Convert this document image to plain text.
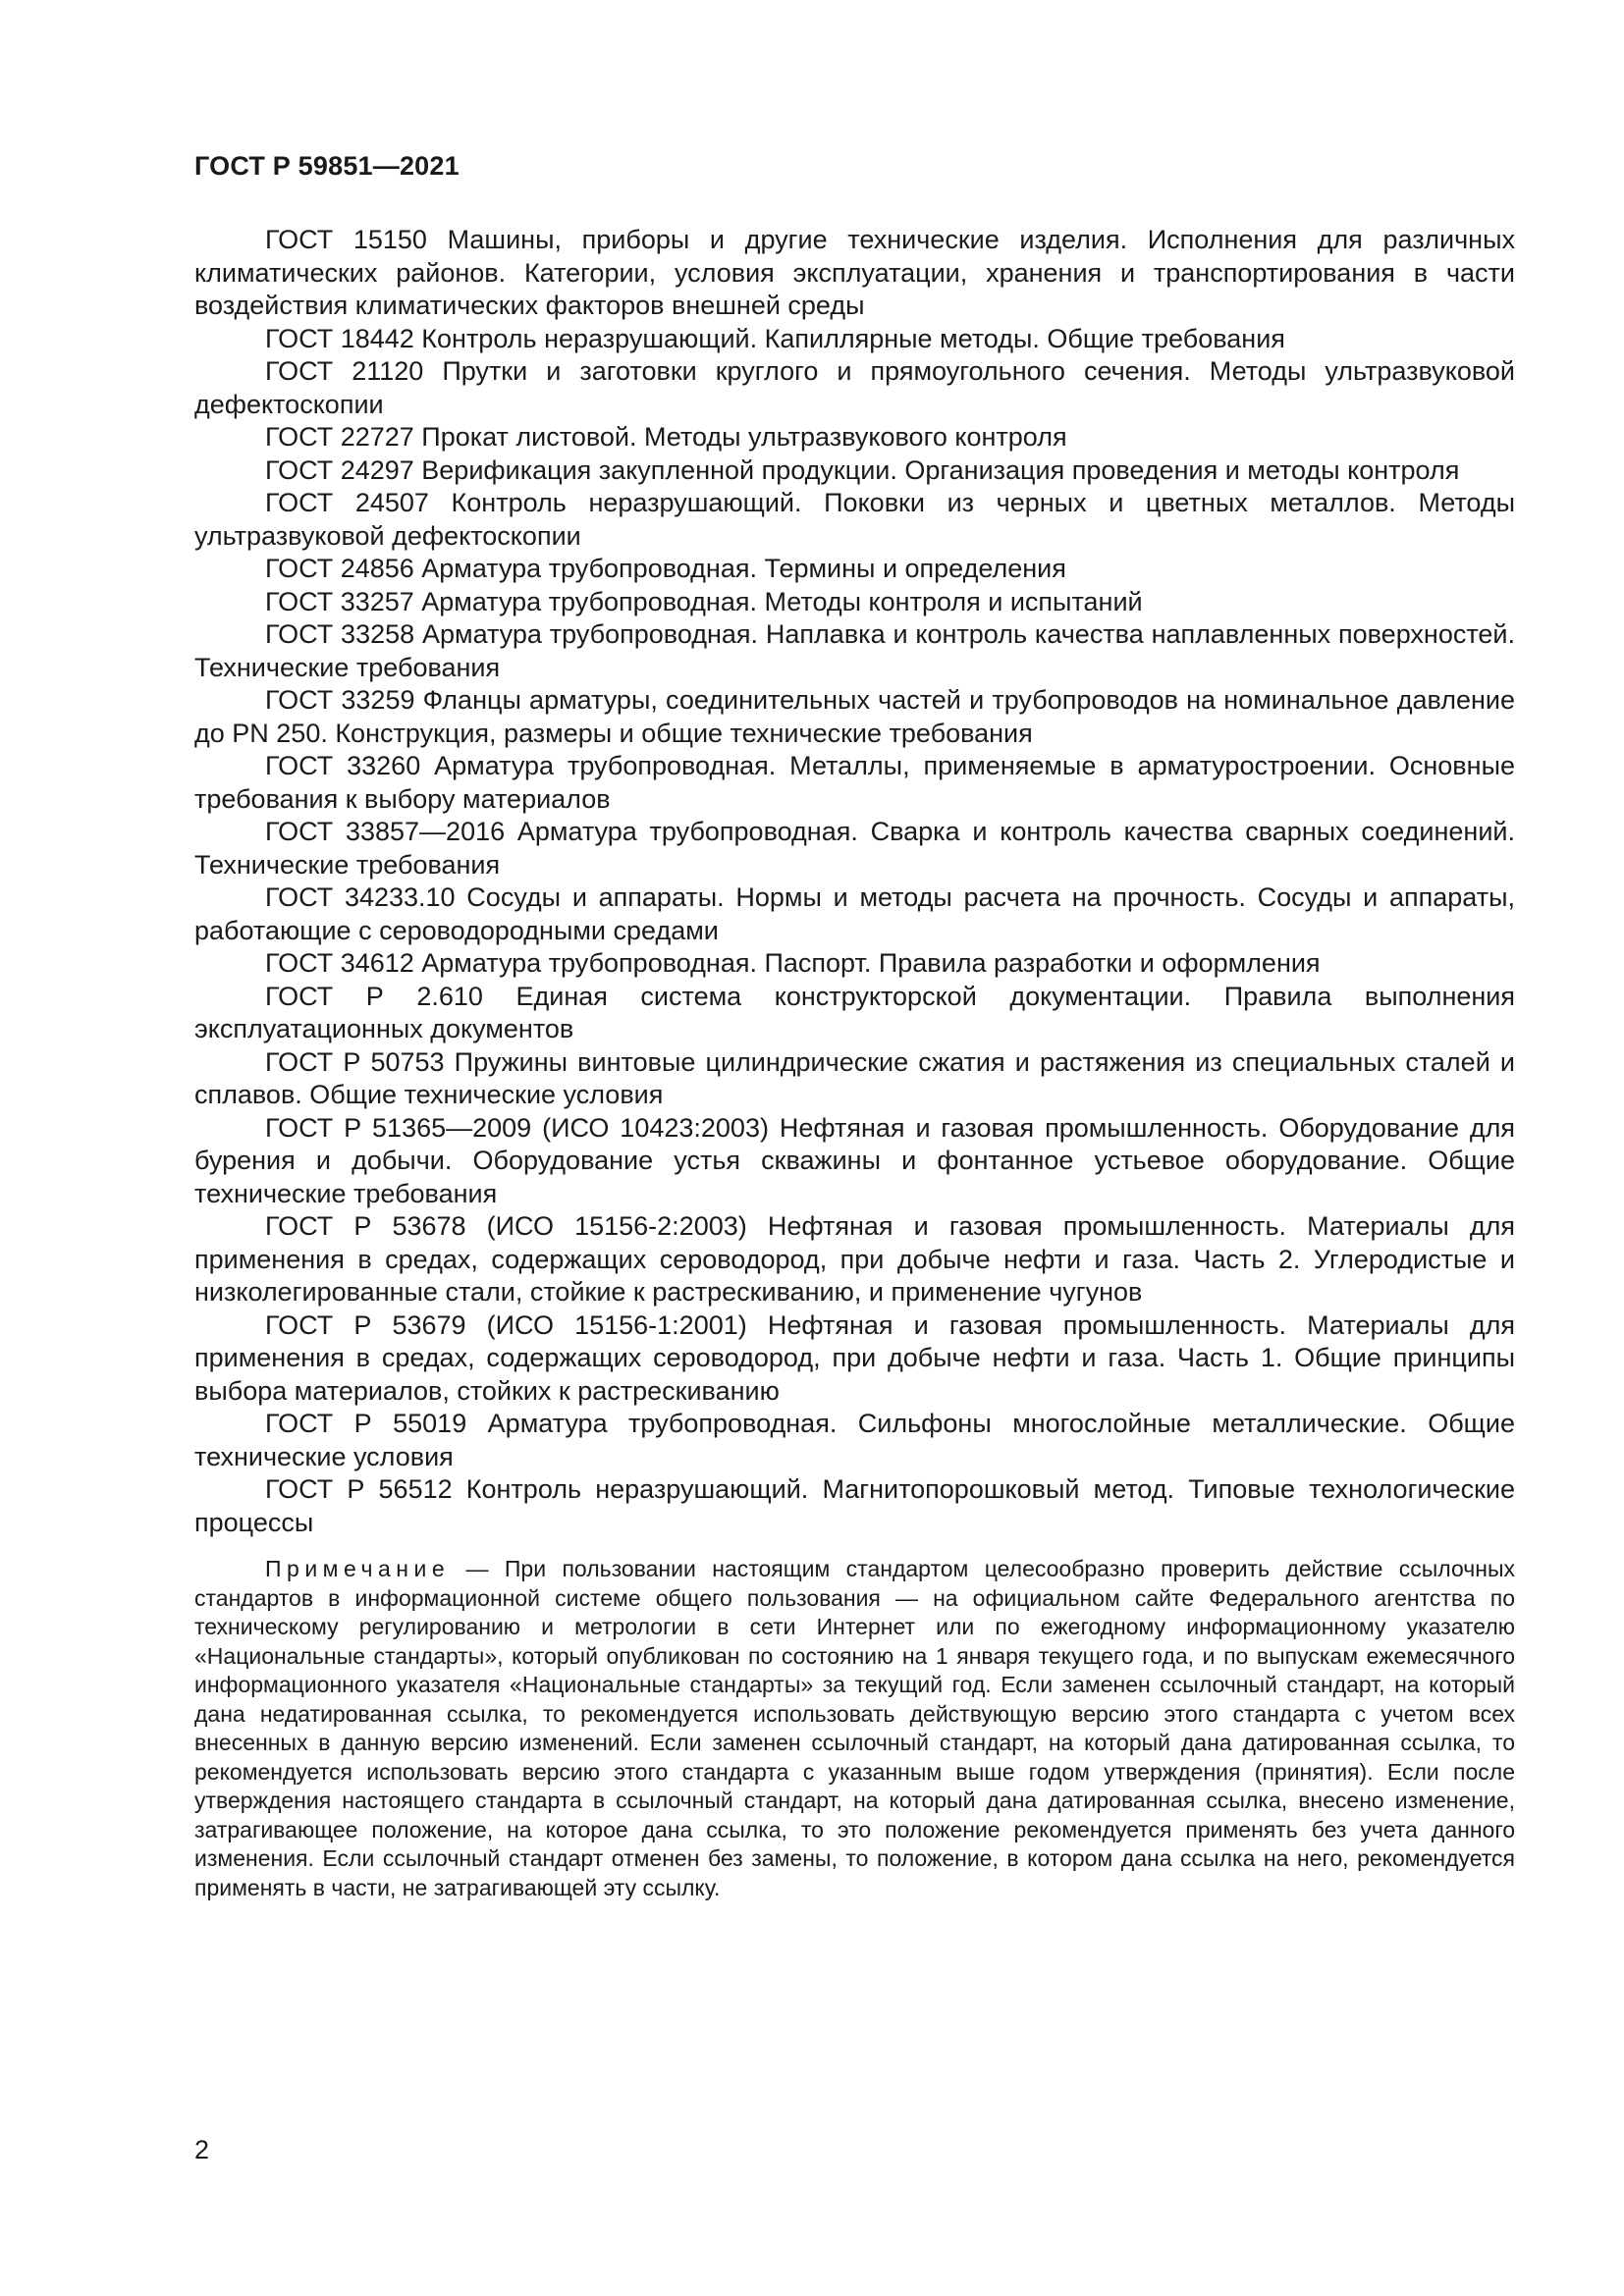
ГОСТ Р 59851—2021
ГОСТ 15150 Машины, приборы и другие технические изделия. Исполнения для различных климатических районов. Категории, условия эксплуатации, хранения и транспортирования в части воздействия климатических факторов внешней среды
ГОСТ 18442 Контроль неразрушающий. Капиллярные методы. Общие требования
ГОСТ 21120 Прутки и заготовки круглого и прямоугольного сечения. Методы ультразвуковой дефектоскопии
ГОСТ 22727 Прокат листовой. Методы ультразвукового контроля
ГОСТ 24297 Верификация закупленной продукции. Организация проведения и методы контроля
ГОСТ 24507 Контроль неразрушающий. Поковки из черных и цветных металлов. Методы ультразвуковой дефектоскопии
ГОСТ 24856 Арматура трубопроводная. Термины и определения
ГОСТ 33257 Арматура трубопроводная. Методы контроля и испытаний
ГОСТ 33258 Арматура трубопроводная. Наплавка и контроль качества наплавленных поверхностей. Технические требования
ГОСТ 33259 Фланцы арматуры, соединительных частей и трубопроводов на номинальное давление до PN 250. Конструкция, размеры и общие технические требования
ГОСТ 33260 Арматура трубопроводная. Металлы, применяемые в арматуростроении. Основные требования к выбору материалов
ГОСТ 33857—2016 Арматура трубопроводная. Сварка и контроль качества сварных соединений. Технические требования
ГОСТ 34233.10 Сосуды и аппараты. Нормы и методы расчета на прочность. Сосуды и аппараты, работающие с сероводородными средами
ГОСТ 34612 Арматура трубопроводная. Паспорт. Правила разработки и оформления
ГОСТ Р 2.610 Единая система конструкторской документации. Правила выполнения эксплуатационных документов
ГОСТ Р 50753 Пружины винтовые цилиндрические сжатия и растяжения из специальных сталей и сплавов. Общие технические условия
ГОСТ Р 51365—2009 (ИСО 10423:2003) Нефтяная и газовая промышленность. Оборудование для бурения и добычи. Оборудование устья скважины и фонтанное устьевое оборудование. Общие технические требования
ГОСТ Р 53678 (ИСО 15156-2:2003) Нефтяная и газовая промышленность. Материалы для применения в средах, содержащих сероводород, при добыче нефти и газа. Часть 2. Углеродистые и низколегированные стали, стойкие к растрескиванию, и применение чугунов
ГОСТ Р 53679 (ИСО 15156-1:2001) Нефтяная и газовая промышленность. Материалы для применения в средах, содержащих сероводород, при добыче нефти и газа. Часть 1. Общие принципы выбора материалов, стойких к растрескиванию
ГОСТ Р 55019 Арматура трубопроводная. Сильфоны многослойные металлические. Общие технические условия
ГОСТ Р 56512 Контроль неразрушающий. Магнитопорошковый метод. Типовые технологические процессы

Примечание — При пользовании настоящим стандартом целесообразно проверить действие ссылочных стандартов в информационной системе общего пользования — на официальном сайте Федерального агентства по техническому регулированию и метрологии в сети Интернет или по ежегодному информационному указателю «Национальные стандарты», который опубликован по состоянию на 1 января текущего года, и по выпускам ежемесячного информационного указателя «Национальные стандарты» за текущий год. Если заменен ссылочный стандарт, на который дана недатированная ссылка, то рекомендуется использовать действующую версию этого стандарта с учетом всех внесенных в данную версию изменений. Если заменен ссылочный стандарт, на который дана датированная ссылка, то рекомендуется использовать версию этого стандарта с указанным выше годом утверждения (принятия). Если после утверждения настоящего стандарта в ссылочный стандарт, на который дана датированная ссылка, внесено изменение, затрагивающее положение, на которое дана ссылка, то это положение рекомендуется применять без учета данного изменения. Если ссылочный стандарт отменен без замены, то положение, в котором дана ссылка на него, рекомендуется применять в части, не затрагивающей эту ссылку.

2
